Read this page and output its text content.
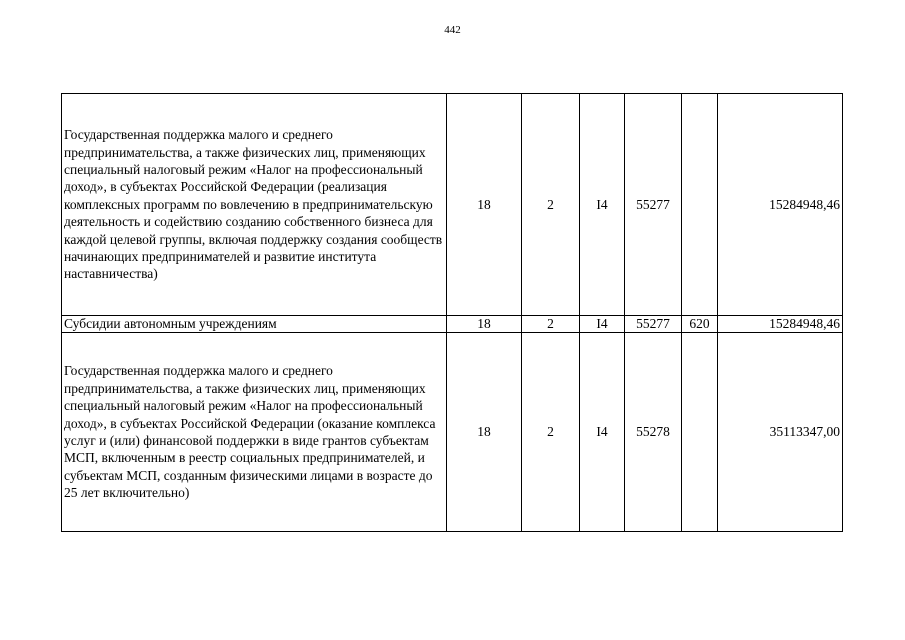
442
Государственная поддержка малого и среднего предпринимательства, а также физических лиц, применяющих специальный налоговый режим «Налог на профессиональный доход», в субъектах Российской Федерации (реализация комплексных программ по вовлечению в предпринимательскую деятельность и содействию созданию собственного бизнеса для каждой целевой группы, включая поддержку создания сообществ начинающих предпринимателей и развитие института наставничества)	18	2	I4	55277		15284948,46
Субсидии автономным учреждениям	18	2	I4	55277	620	15284948,46
Государственная поддержка малого и среднего предпринимательства, а также физических лиц, применяющих специальный налоговый режим «Налог на профессиональный доход», в субъектах Российской Федерации (оказание комплекса услуг и (или) финансовой поддержки в виде грантов субъектам МСП, включенным в реестр социальных предпринимателей, и субъектам МСП, созданным физическими лицами в возрасте до 25 лет включительно)	18	2	I4	55278		35113347,00
